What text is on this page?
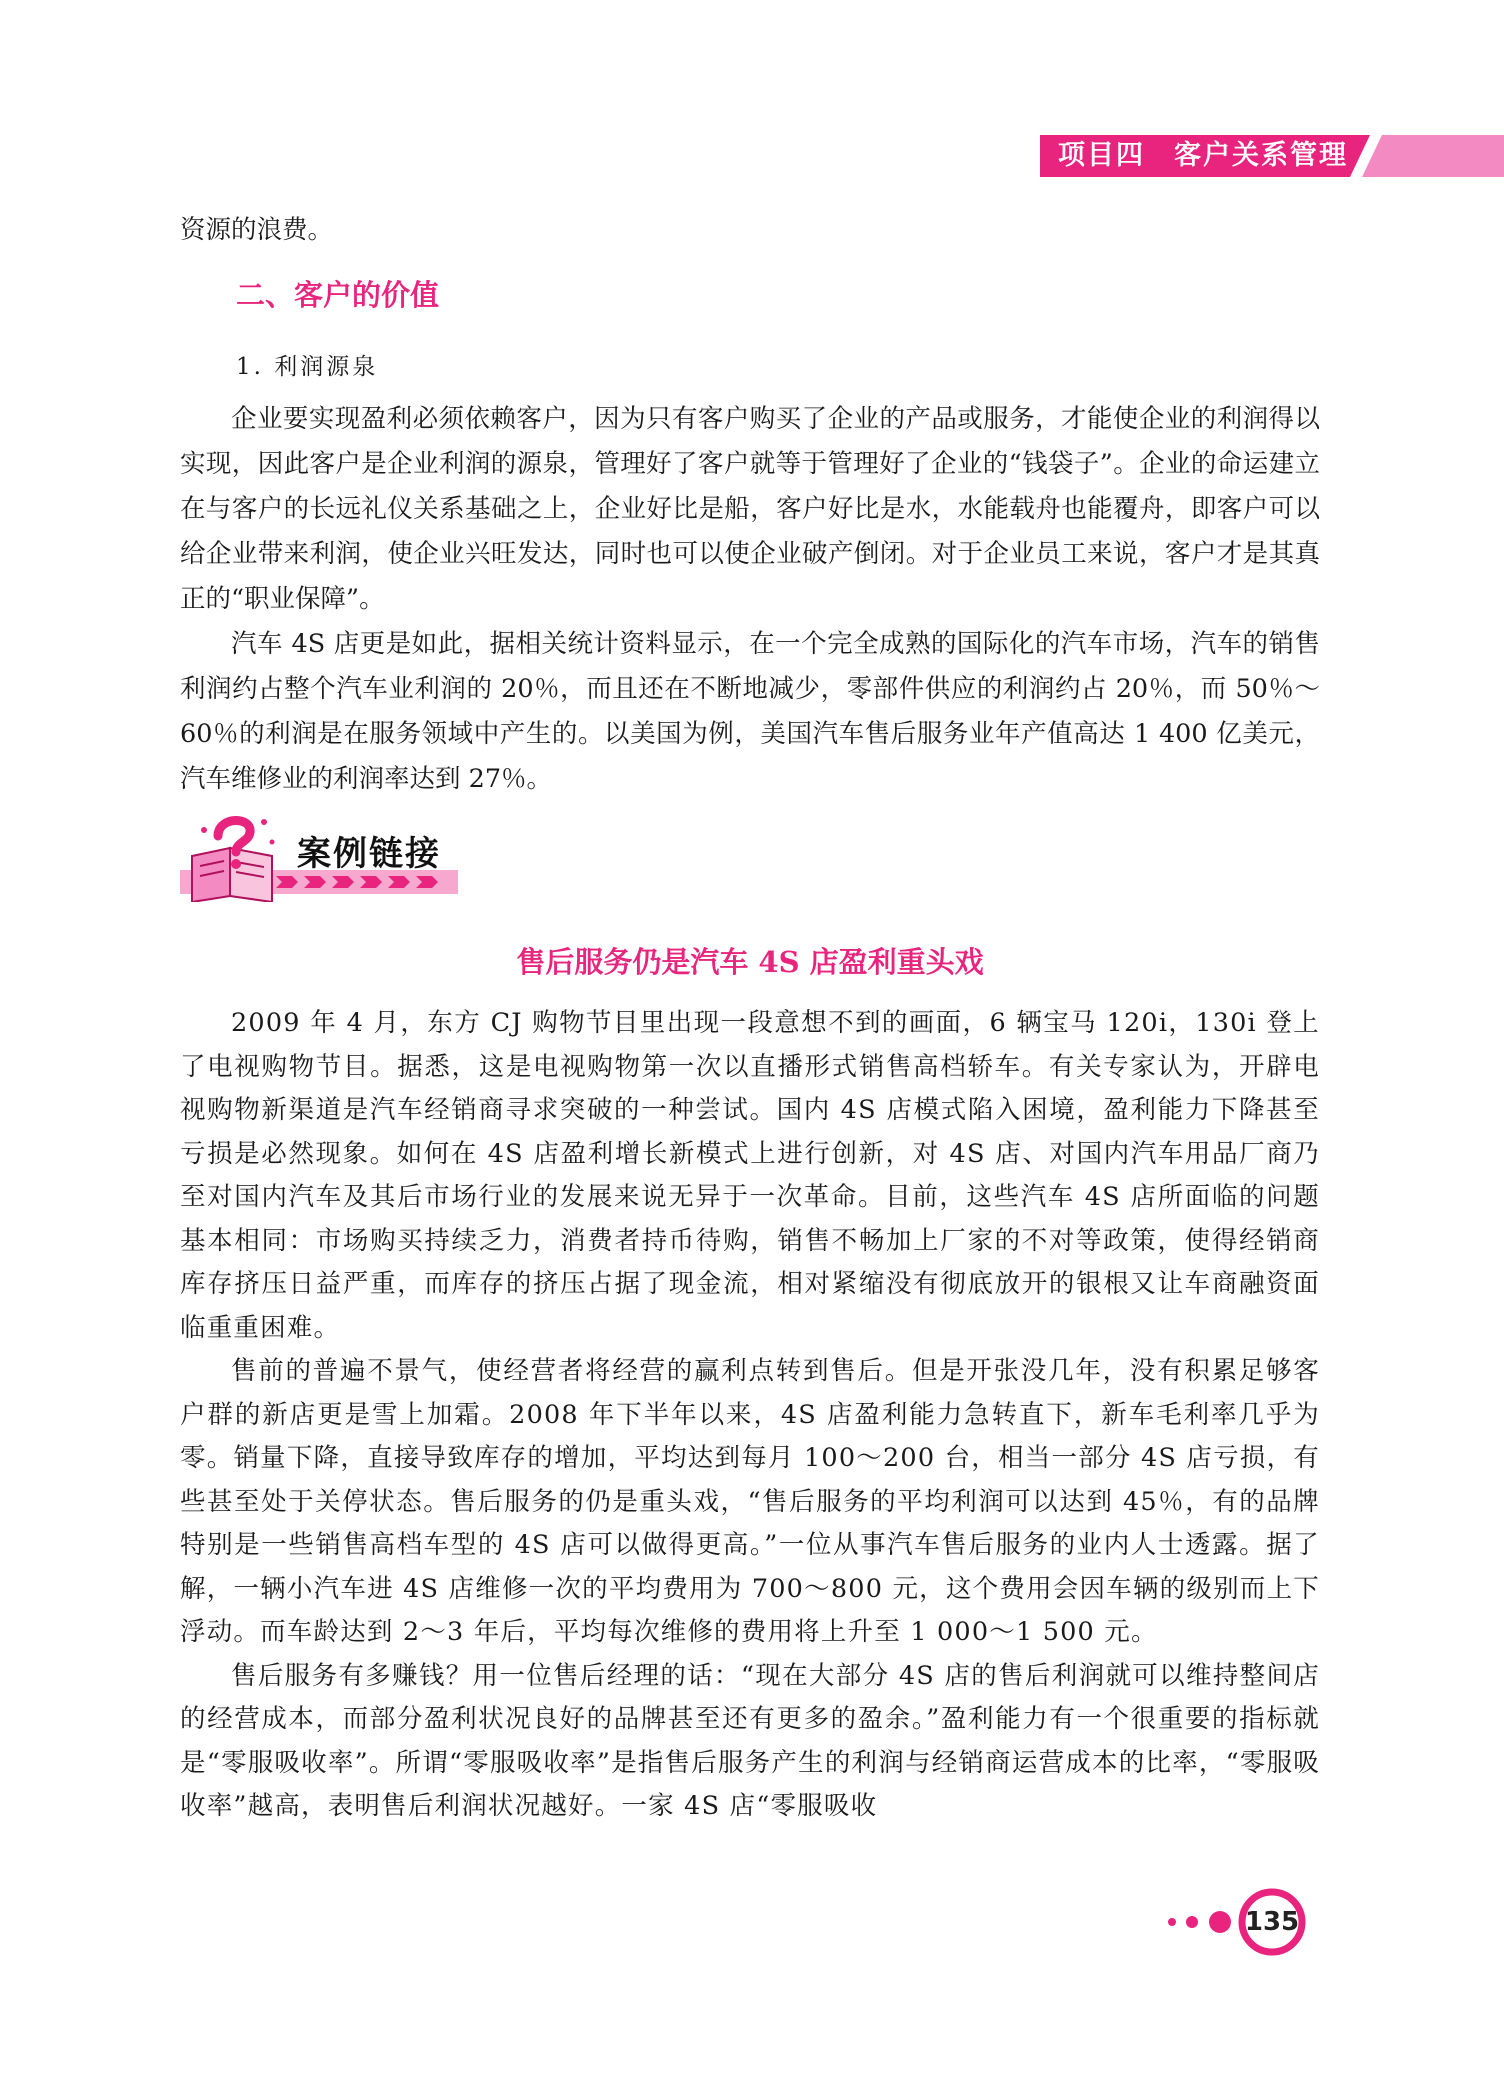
项目四　客户关系管理
资源的浪费。
二、客户的价值
1. 利润源泉

企业要实现盈利必须依赖客户，因为只有客户购买了企业的产品或服务，才能使企业的利润得以实现，因此客户是企业利润的源泉，管理好了客户就等于管理好了企业的“钱袋子”。企业的命运建立在与客户的长远礼仪关系基础之上，企业好比是船，客户好比是水，水能载舟也能覆舟，即客户可以给企业带来利润，使企业兴旺发达，同时也可以使企业破产倒闭。对于企业员工来说，客户才是其真正的“职业保障”。

汽车 4S 店更是如此，据相关统计资料显示，在一个完全成熟的国际化的汽车市场，汽车的销售利润约占整个汽车业利润的 20％，而且还在不断地减少，零部件供应的利润约占 20％，而 50％～60％的利润是在服务领域中产生的。以美国为例，美国汽车售后服务业年产值高达 1 400 亿美元，汽车维修业的利润率达到 27％。

案例链接
售后服务仍是汽车 4S 店盈利重头戏

2009 年 4 月，东方 CJ 购物节目里出现一段意想不到的画面，6 辆宝马 120i，130i 登上了电视购物节目。据悉，这是电视购物第一次以直播形式销售高档轿车。有关专家认为，开辟电视购物新渠道是汽车经销商寻求突破的一种尝试。国内 4S 店模式陷入困境，盈利能力下降甚至亏损是必然现象。如何在 4S 店盈利增长新模式上进行创新，对 4S 店、对国内汽车用品厂商乃至对国内汽车及其后市场行业的发展来说无异于一次革命。目前，这些汽车 4S 店所面临的问题基本相同：市场购买持续乏力，消费者持币待购，销售不畅加上厂家的不对等政策，使得经销商库存挤压日益严重，而库存的挤压占据了现金流，相对紧缩没有彻底放开的银根又让车商融资面临重重困难。

售前的普遍不景气，使经营者将经营的赢利点转到售后。但是开张没几年，没有积累足够客户群的新店更是雪上加霜。2008 年下半年以来，4S 店盈利能力急转直下，新车毛利率几乎为零。销量下降，直接导致库存的增加，平均达到每月 100～200 台，相当一部分 4S 店亏损，有些甚至处于关停状态。售后服务的仍是重头戏，“售后服务的平均利润可以达到 45％，有的品牌特别是一些销售高档车型的 4S 店可以做得更高。”一位从事汽车售后服务的业内人士透露。据了解，一辆小汽车进 4S 店维修一次的平均费用为 700～800 元，这个费用会因车辆的级别而上下浮动。而车龄达到 2～3 年后，平均每次维修的费用将上升至 1 000～1 500 元。

售后服务有多赚钱？用一位售后经理的话：“现在大部分 4S 店的售后利润就可以维持整间店的经营成本，而部分盈利状况良好的品牌甚至还有更多的盈余。”盈利能力有一个很重要的指标就是“零服吸收率”。所谓“零服吸收率”是指售后服务产生的利润与经销商运营成本的比率，“零服吸收率”越高，表明售后利润状况越好。一家 4S 店“零服吸收

135
